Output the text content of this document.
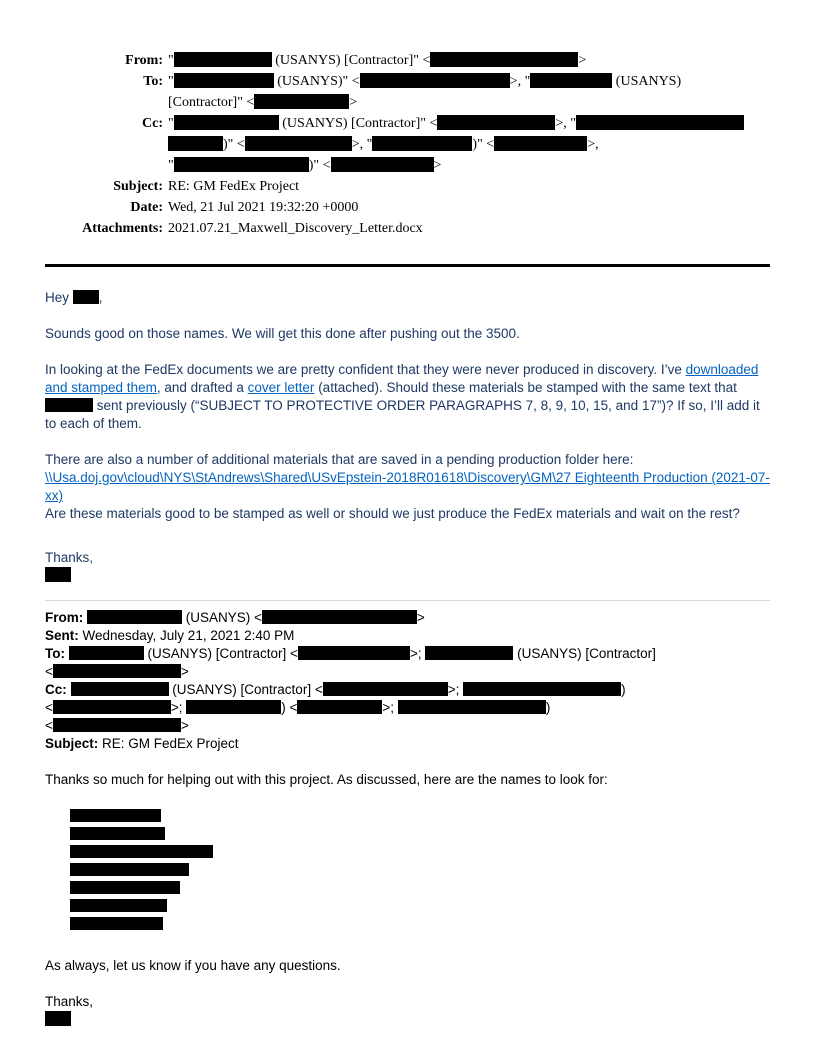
From: "	(USANYS) [Contractor]" <	>
To: "	(USANYS)" <	>, "	(USANYS)
[Contractor]" <	>
Cc: "	(USANYS) [Contractor]" <	>, "
)" <	>, "	)" <	>,
"	)" <	>
Subject: RE: GM FedEx Project
Date: Wed, 21 Jul 2021 19:32:20 +0000
Attachments: 2021.07.21_Maxwell_Discovery_Letter.docx

Hey ,

Sounds good on those names. We will get this done after pushing out the 3500.

In looking at the FedEx documents we are pretty confident that they were never produced in discovery. I’ve downloaded and stamped them, and drafted a cover letter (attached). Should these materials be stamped with the same text that
sent previously (“SUBJECT TO PROTECTIVE ORDER PARAGRAPHS 7, 8, 9, 10, 15, and 17”)? If so, I’ll add it to each of them.

There are also a number of additional materials that are saved in a pending production folder here:
\\Usa.doj.gov\cloud\NYS\StAndrews\Shared\USvEpstein-2018R01618\Discovery\GM\27 Eighteenth Production (2021-07-xx)
Are these materials good to be stamped as well or should we just produce the FedEx materials and wait on the rest?

Thanks,

From:	(USANYS) <	>
Sent: Wednesday, July 21, 2021 2:40 PM
To:	(USANYS) [Contractor] <	>;	(USANYS) [Contractor]
<	>
Cc:	(USANYS) [Contractor] <	>;	)
<	>;	) <	>;	)
<	>
Subject: RE: GM FedEx Project

Thanks so much for helping out with this project. As discussed, here are the names to look for:

As always, let us know if you have any questions.

Thanks,
